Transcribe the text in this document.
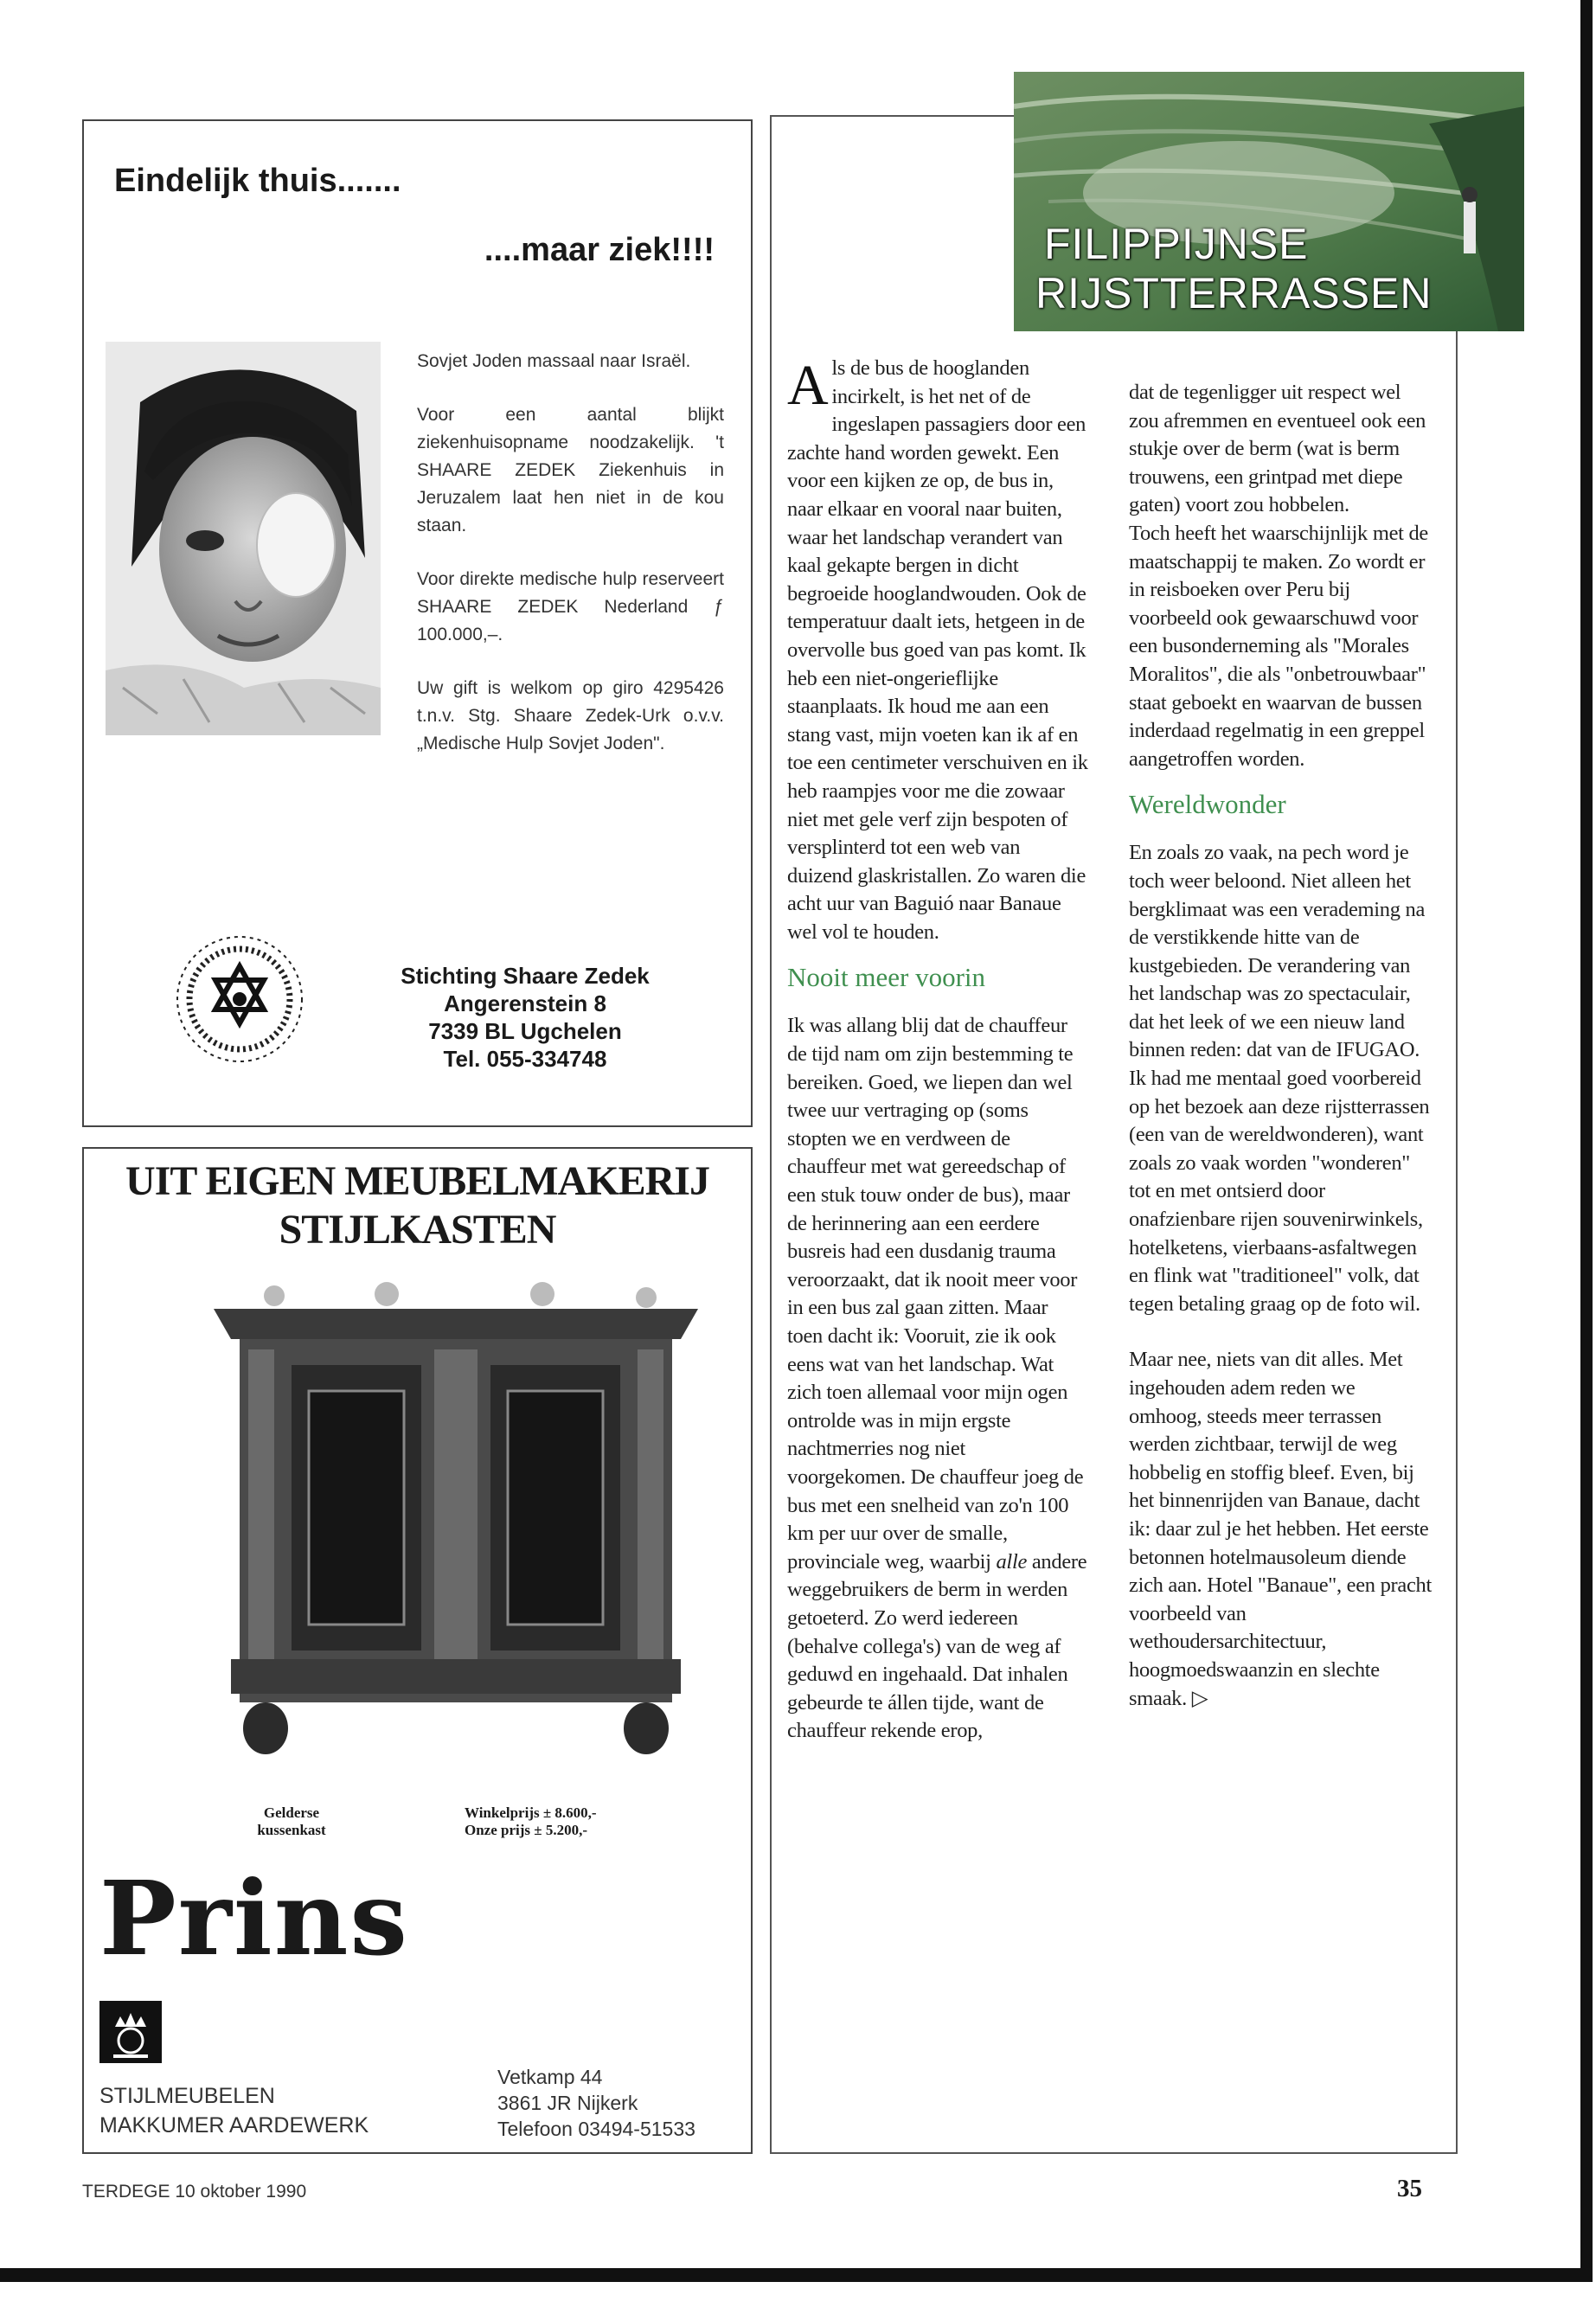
Eindelijk thuis.......
....maar ziek!!!!

Sovjet Joden massaal naar Israël.

Voor een aantal blijkt ziekenhuisopname noodzakelijk. 't SHAARE ZEDEK Ziekenhuis in Jeruzalem laat hen niet in de kou staan.

Voor direkte medische hulp reserveert SHAARE ZEDEK Nederland ƒ 100.000,–.

Uw gift is welkom op giro 4295426 t.n.v. Stg. Shaare Zedek-Urk o.v.v. „Medische Hulp Sovjet Joden".

Stichting Shaare Zedek
Angerenstein 8
7339 BL Ugchelen
Tel. 055-334748
UIT EIGEN MEUBELMAKERIJ
STIJLKASTEN
Gelderse
kussenkast
Winkelprijs ± 8.600,-
Onze prijs ± 5.200,-
Prins
STIJLMEUBELEN
MAKKUMER AARDEWERK
Vetkamp 44
3861 JR Nijkerk
Telefoon 03494-51533
FILIPPIJNSE
RIJSTTERRASSEN

Als de bus de hooglanden incirkelt, is het net of de ingeslapen passagiers door een zachte hand worden gewekt. Een voor een kijken ze op, de bus in, naar elkaar en vooral naar buiten, waar het landschap verandert van kaal gekapte bergen in dicht begroeide hooglandwouden. Ook de temperatuur daalt iets, hetgeen in de overvolle bus goed van pas komt. Ik heb een niet-ongerieflijke staanplaats. Ik houd me aan een stang vast, mijn voeten kan ik af en toe een centimeter verschuiven en ik heb raampjes voor me die zowaar niet met gele verf zijn bespoten of versplinterd tot een web van duizend glaskristallen. Zo waren die acht uur van Baguió naar Banaue wel vol te houden.

Nooit meer voorin

Ik was allang blij dat de chauffeur de tijd nam om zijn bestemming te bereiken. Goed, we liepen dan wel twee uur vertraging op (soms stopten we en verdween de chauffeur met wat gereedschap of een stuk touw onder de bus), maar de herinnering aan een eerdere busreis had een dusdanig trauma veroorzaakt, dat ik nooit meer voor in een bus zal gaan zitten. Maar toen dacht ik: Vooruit, zie ik ook eens wat van het landschap. Wat zich toen allemaal voor mijn ogen ontrolde was in mijn ergste nachtmerries nog niet voorgekomen. De chauffeur joeg de bus met een snelheid van zo'n 100 km per uur over de smalle, provinciale weg, waarbij alle andere weggebruikers de berm in werden getoeterd. Zo werd iedereen (behalve collega's) van de weg af geduwd en ingehaald. Dat inhalen gebeurde te állen tijde, want de chauffeur rekende erop,

dat de tegenligger uit respect wel zou afremmen en eventueel ook een stukje over de berm (wat is berm trouwens, een grintpad met diepe gaten) voort zou hobbelen.

Toch heeft het waarschijnlijk met de maatschappij te maken. Zo wordt er in reisboeken over Peru bij voorbeeld ook gewaarschuwd voor een busonderneming als "Morales Moralitos", die als "onbetrouwbaar" staat geboekt en waarvan de bussen inderdaad regelmatig in een greppel aangetroffen worden.

Wereldwonder

En zoals zo vaak, na pech word je toch weer beloond. Niet alleen het bergklimaat was een verademing na de verstikkende hitte van de kustgebieden. De verandering van het landschap was zo spectaculair, dat het leek of we een nieuw land binnen reden: dat van de IFUGAO.

Ik had me mentaal goed voorbereid op het bezoek aan deze rijstterrassen (een van de wereldwonderen), want zoals zo vaak worden "wonderen" tot en met ontsierd door onafzienbare rijen souvenirwinkels, hotelketens, vierbaans-asfaltwegen en flink wat "traditioneel" volk, dat tegen betaling graag op de foto wil.

Maar nee, niets van dit alles. Met ingehouden adem reden we omhoog, steeds meer terrassen werden zichtbaar, terwijl de weg hobbelig en stoffig bleef. Even, bij het binnenrijden van Banaue, dacht ik: daar zul je het hebben. Het eerste betonnen hotelmausoleum diende zich aan. Hotel "Banaue", een pracht voorbeeld van wethoudersarchitectuur, hoogmoedswaanzin en slechte smaak. ▷

TERDEGE 10 oktober 1990	35
